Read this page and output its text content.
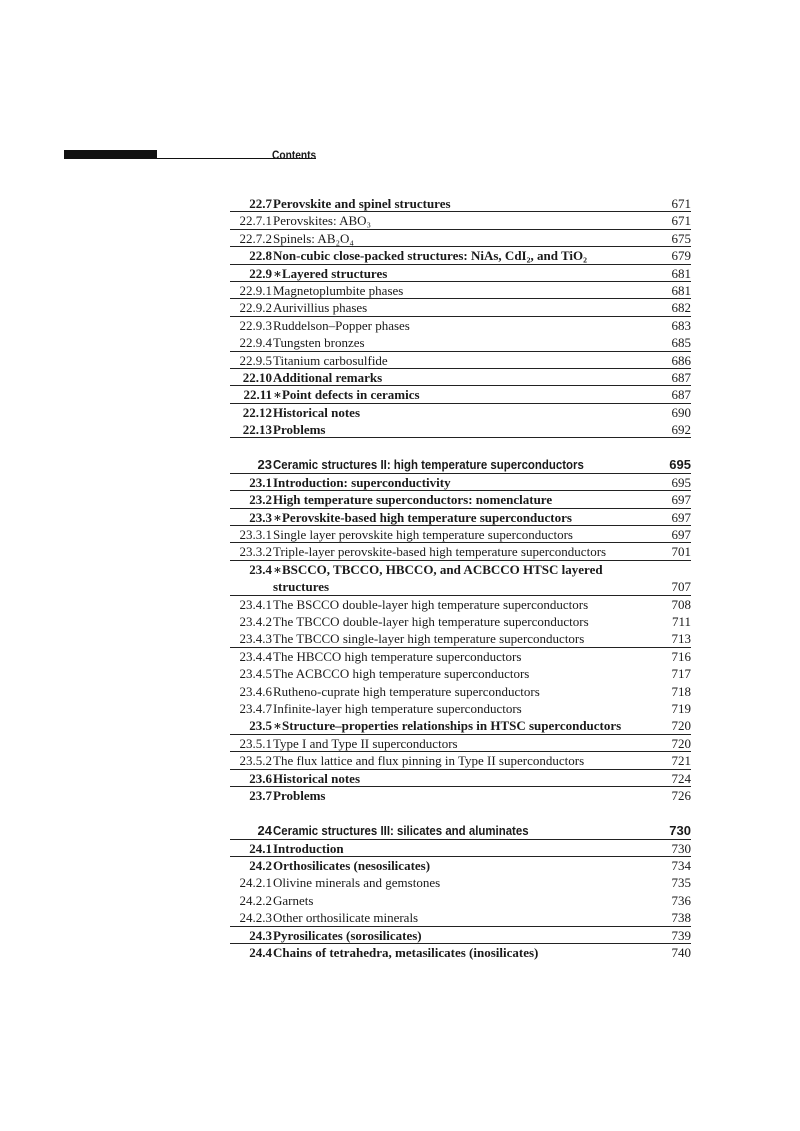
Contents
22.7 Perovskite and spinel structures	671
22.7.1 Perovskites: ABO₃	671
22.7.2 Spinels: AB₂O₄	675
22.8 Non-cubic close-packed structures: NiAs, CdI₂, and TiO₂	679
22.9 ∗Layered structures	681
22.9.1 Magnetoplumbite phases	681
22.9.2 Aurivillius phases	682
22.9.3 Ruddelson–Popper phases	683
22.9.4 Tungsten bronzes	685
22.9.5 Titanium carbosulfide	686
22.10 Additional remarks	687
22.11 ∗Point defects in ceramics	687
22.12 Historical notes	690
22.13 Problems	692
23 Ceramic structures II: high temperature superconductors	695
23.1 Introduction: superconductivity	695
23.2 High temperature superconductors: nomenclature	697
23.3 ∗Perovskite-based high temperature superconductors	697
23.3.1 Single layer perovskite high temperature superconductors	697
23.3.2 Triple-layer perovskite-based high temperature superconductors	701
23.4 ∗BSCCO, TBCCO, HBCCO, and ACBCCO HTSC layered structures	707
23.4.1 The BSCCO double-layer high temperature superconductors	708
23.4.2 The TBCCO double-layer high temperature superconductors	711
23.4.3 The TBCCO single-layer high temperature superconductors	713
23.4.4 The HBCCO high temperature superconductors	716
23.4.5 The ACBCCO high temperature superconductors	717
23.4.6 Rutheno-cuprate high temperature superconductors	718
23.4.7 Infinite-layer high temperature superconductors	719
23.5 ∗Structure–properties relationships in HTSC superconductors	720
23.5.1 Type I and Type II superconductors	720
23.5.2 The flux lattice and flux pinning in Type II superconductors	721
23.6 Historical notes	724
23.7 Problems	726
24 Ceramic structures III: silicates and aluminates	730
24.1 Introduction	730
24.2 Orthosilicates (nesosilicates)	734
24.2.1 Olivine minerals and gemstones	735
24.2.2 Garnets	736
24.2.3 Other orthosilicate minerals	738
24.3 Pyrosilicates (sorosilicates)	739
24.4 Chains of tetrahedra, metasilicates (inosilicates)	740
